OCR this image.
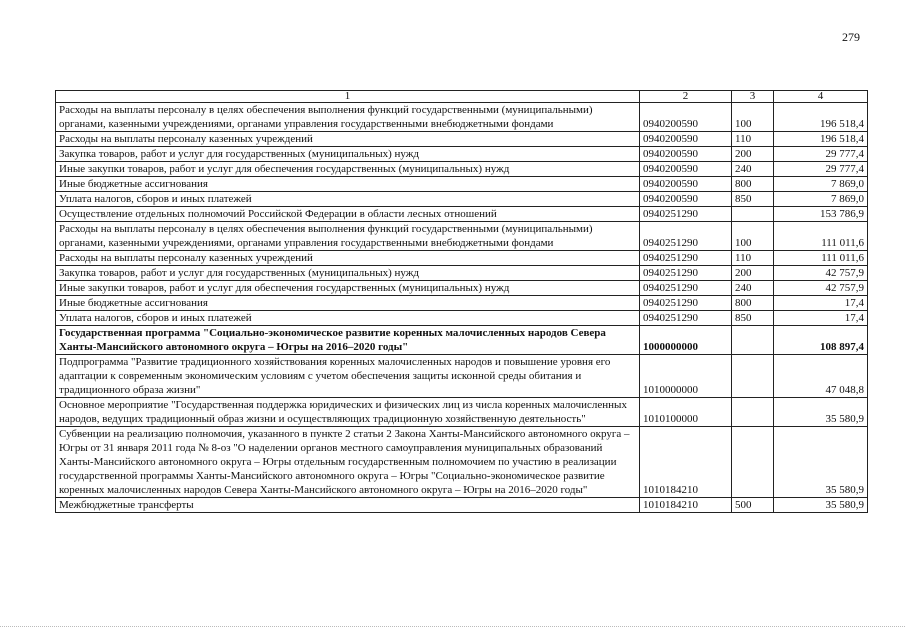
279
1	2	3	4
Расходы на выплаты персоналу в целях обеспечения выполнения функций государственными (муниципальными) органами, казенными учреждениями, органами управления государственными внебюджетными фондами	0940200590	100	196 518,4
Расходы на выплаты персоналу казенных учреждений	0940200590	110	196 518,4
Закупка товаров, работ и услуг для государственных (муниципальных) нужд	0940200590	200	29 777,4
Иные закупки товаров, работ и услуг для обеспечения государственных (муниципальных) нужд	0940200590	240	29 777,4
Иные бюджетные ассигнования	0940200590	800	7 869,0
Уплата налогов, сборов и иных платежей	0940200590	850	7 869,0
Осуществление отдельных полномочий Российской Федерации в области лесных отношений	0940251290		153 786,9
Расходы на выплаты персоналу в целях обеспечения выполнения функций государственными (муниципальными) органами, казенными учреждениями, органами управления государственными внебюджетными фондами	0940251290	100	111 011,6
Расходы на выплаты персоналу казенных учреждений	0940251290	110	111 011,6
Закупка товаров, работ и услуг для государственных (муниципальных) нужд	0940251290	200	42 757,9
Иные закупки товаров, работ и услуг для обеспечения государственных (муниципальных) нужд	0940251290	240	42 757,9
Иные бюджетные ассигнования	0940251290	800	17,4
Уплата налогов, сборов и иных платежей	0940251290	850	17,4
Государственная программа "Социально-экономическое развитие коренных малочисленных народов Севера Ханты-Мансийского автономного округа – Югры на 2016–2020 годы"	1000000000		108 897,4
Подпрограмма "Развитие традиционного хозяйствования коренных малочисленных народов и повышение уровня его адаптации к современным экономическим условиям с учетом обеспечения защиты исконной среды обитания и традиционного образа жизни"	1010000000		47 048,8
Основное мероприятие "Государственная поддержка юридических и физических лиц из числа коренных малочисленных народов, ведущих традиционный образ жизни и осуществляющих традиционную хозяйственную деятельность"	1010100000		35 580,9
Субвенции на реализацию полномочия, указанного в пункте 2 статьи 2 Закона Ханты-Мансийского автономного округа – Югры от 31 января 2011 года № 8-оз "О наделении органов местного самоуправления муниципальных образований Ханты-Мансийского автономного округа – Югры отдельным государственным полномочием по участию в реализации государственной программы Ханты-Мансийского автономного округа – Югры "Социально-экономическое развитие коренных малочисленных народов Севера Ханты-Мансийского автономного округа – Югры на 2016–2020 годы"	1010184210		35 580,9
Межбюджетные трансферты	1010184210	500	35 580,9
